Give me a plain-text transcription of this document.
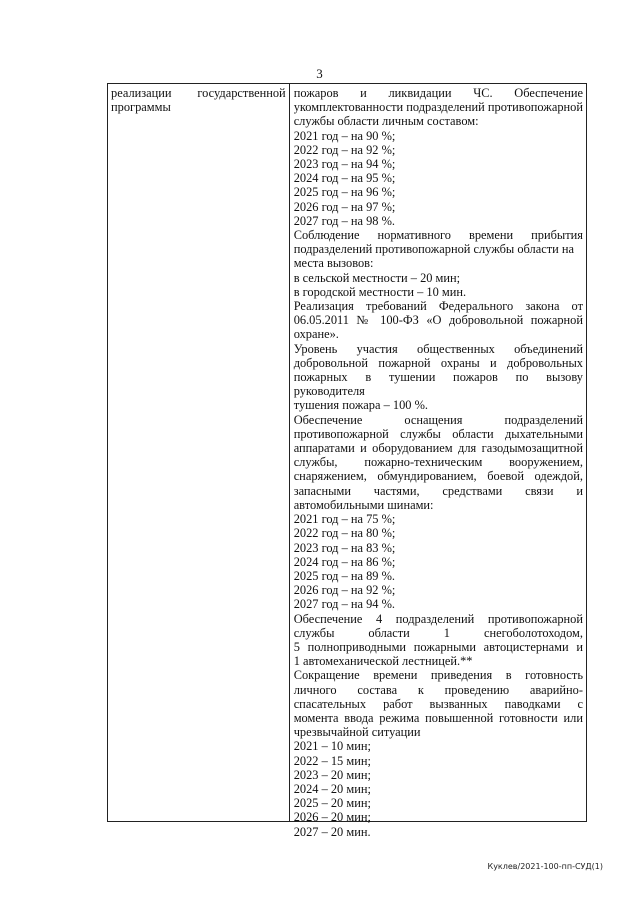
3
реализации государственной
программы
пожаров и ликвидации ЧС. Обеспечение
укомплектованности подразделений противопожарной
службы области личным составом:
2021 год – на 90 %;
2022 год – на 92 %;
2023 год – на 94 %;
2024 год – на 95 %;
2025 год – на 96 %;
2026 год – на 97 %;
2027 год – на 98 %.
Соблюдение нормативного времени прибытия
подразделений противопожарной службы области на
места вызовов:
в сельской местности – 20 мин;
в городской местности – 10 мин.
Реализация требований Федерального закона от
06.05.2011 № 100-ФЗ «О добровольной пожарной
охране».
Уровень участия общественных объединений
добровольной пожарной охраны и добровольных
пожарных в тушении пожаров по вызову руководителя
тушения пожара – 100 %.
Обеспечение оснащения подразделений
противопожарной службы области дыхательными
аппаратами и оборудованием для газодымозащитной
службы, пожарно-техническим вооружением,
снаряжением, обмундированием, боевой одеждой,
запасными частями, средствами связи и
автомобильными шинами:
2021 год – на 75 %;
2022 год – на 80 %;
2023 год – на 83 %;
2024 год – на 86 %;
2025 год – на 89 %.
2026 год – на 92 %;
2027 год – на 94 %.
Обеспечение 4 подразделений противопожарной
службы области 1 снегоболотоходом,
5 полноприводными пожарными автоцистернами и
1 автомеханической лестницей.**
Сокращение времени приведения в готовность
личного состава к проведению аварийно-
спасательных работ вызванных паводками с
момента ввода режима повышенной готовности или
чрезвычайной ситуации
2021 – 10 мин;
2022 – 15 мин;
2023 – 20 мин;
2024 – 20 мин;
2025 – 20 мин;
2026 – 20 мин;
2027 – 20 мин.
Куклев/2021-100-пп-СУД(1)
